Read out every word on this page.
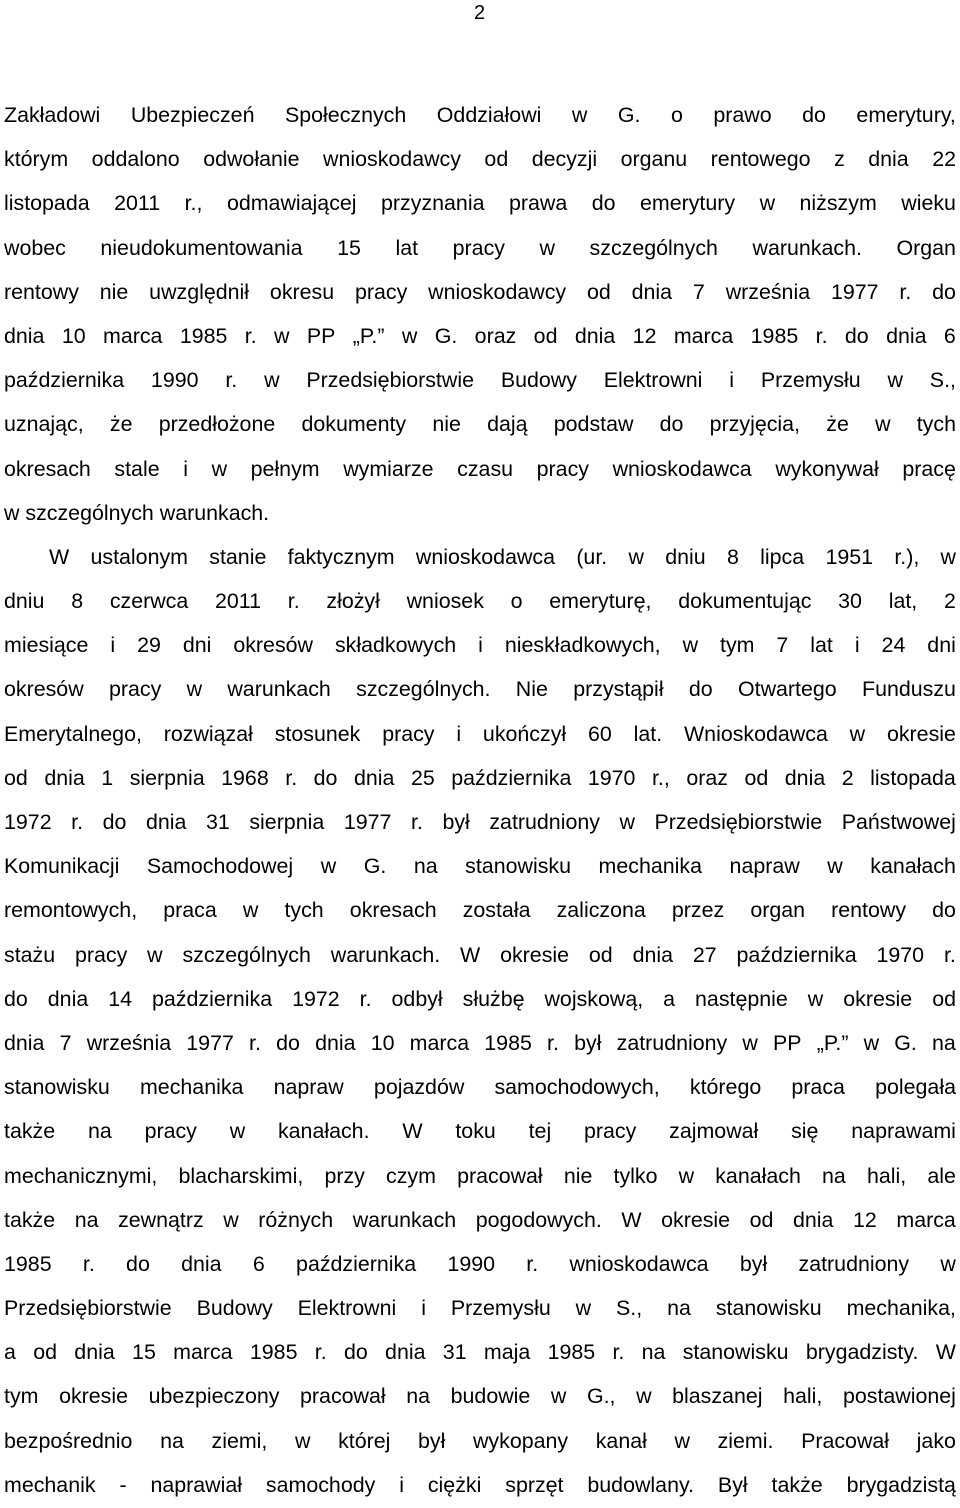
2
Zakładowi Ubezpieczeń Społecznych Oddziałowi w G. o prawo do emerytury,
którym oddalono odwołanie wnioskodawcy od decyzji organu rentowego z dnia 22
listopada 2011 r., odmawiającej przyznania prawa do emerytury w niższym wieku
wobec nieudokumentowania 15 lat pracy w szczególnych warunkach. Organ
rentowy nie uwzględnił okresu pracy wnioskodawcy od dnia 7 września 1977 r. do
dnia 10 marca 1985 r. w PP „P.” w G. oraz od dnia 12 marca 1985 r. do dnia 6
października 1990 r. w Przedsiębiorstwie Budowy Elektrowni i Przemysłu w S.,
uznając, że przedłożone dokumenty nie dają podstaw do przyjęcia, że w tych
okresach stale i w pełnym wymiarze czasu pracy wnioskodawca wykonywał pracę
w szczególnych warunkach.
W ustalonym stanie faktycznym wnioskodawca (ur. w dniu 8 lipca 1951 r.), w
dniu 8 czerwca 2011 r. złożył wniosek o emeryturę, dokumentując 30 lat, 2
miesiące i 29 dni okresów składkowych i nieskładkowych, w tym 7 lat i 24 dni
okresów pracy w warunkach szczególnych. Nie przystąpił do Otwartego Funduszu
Emerytalnego, rozwiązał stosunek pracy i ukończył 60 lat. Wnioskodawca w okresie
od dnia 1 sierpnia 1968 r. do dnia 25 października 1970 r., oraz od dnia 2 listopada
1972 r. do dnia 31 sierpnia 1977 r. był zatrudniony w Przedsiębiorstwie Państwowej
Komunikacji Samochodowej w G. na stanowisku mechanika napraw w kanałach
remontowych, praca w tych okresach została zaliczona przez organ rentowy do
stażu pracy w szczególnych warunkach. W okresie od dnia 27 października 1970 r.
do dnia 14 października 1972 r. odbył służbę wojskową, a następnie w okresie od
dnia 7 września 1977 r. do dnia 10 marca 1985 r. był zatrudniony w PP „P.” w G. na
stanowisku mechanika napraw pojazdów samochodowych, którego praca polegała
także na pracy w kanałach. W toku tej pracy zajmował się naprawami
mechanicznymi, blacharskimi, przy czym pracował nie tylko w kanałach na hali, ale
także na zewnątrz w różnych warunkach pogodowych. W okresie od dnia 12 marca
1985 r. do dnia 6 października 1990 r. wnioskodawca był zatrudniony w
Przedsiębiorstwie Budowy Elektrowni i Przemysłu w S., na stanowisku mechanika,
a od dnia 15 marca 1985 r. do dnia 31 maja 1985 r. na stanowisku brygadzisty. W
tym okresie ubezpieczony pracował na budowie w G., w blaszanej hali, postawionej
bezpośrednio na ziemi, w której był wykopany kanał w ziemi. Pracował jako
mechanik - naprawiał samochody i ciężki sprzęt budowlany. Był także brygadzistą
